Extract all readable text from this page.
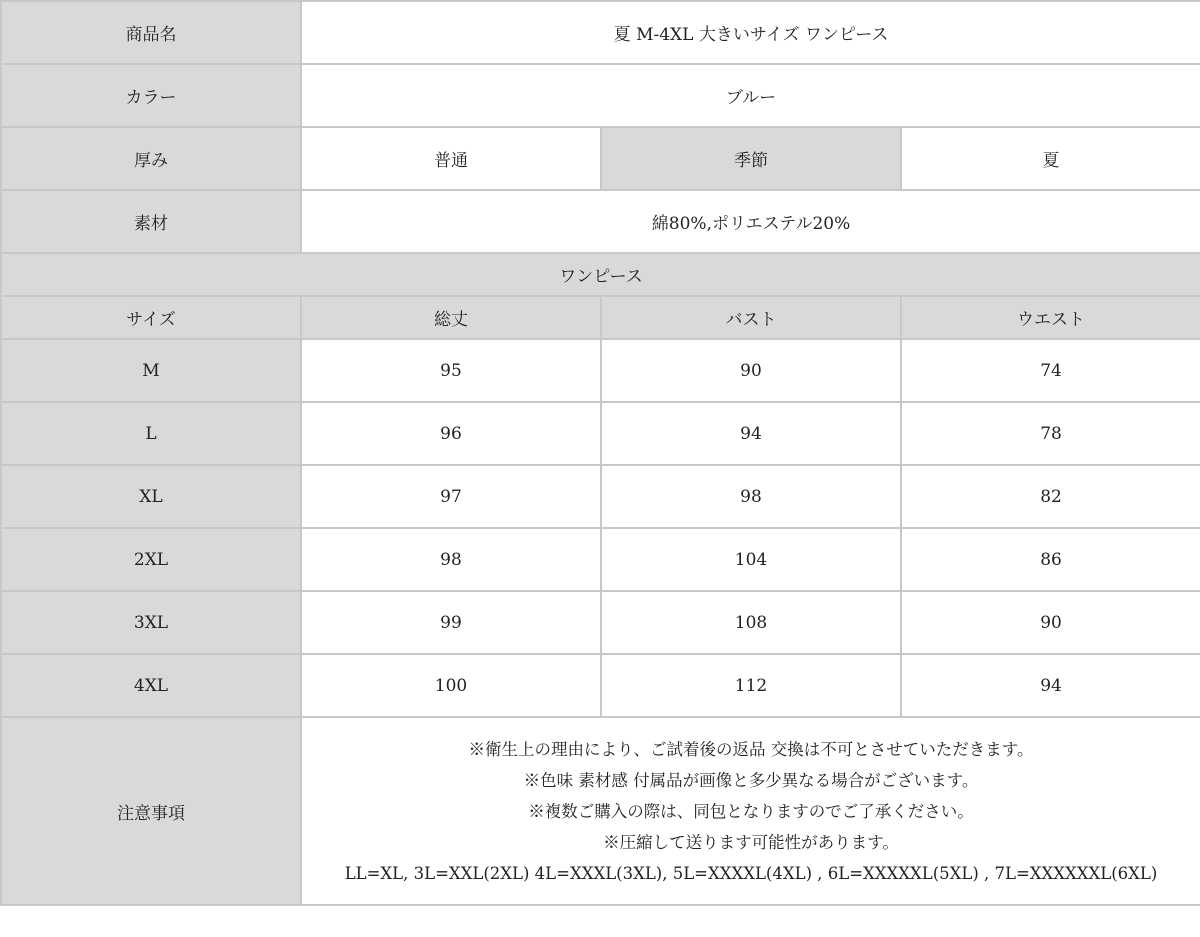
商品名	夏 M-4XL 大きいサイズ ワンピース		
カラー	ブルー		
厚み	普通	季節	夏
素材	綿80%,ポリエステル20%		
ワンピース			
サイズ	総丈	バスト	ウエスト
M	95	90	74
L	96	94	78
XL	97	98	82
2XL	98	104	86
3XL	99	108	90
4XL	100	112	94
注意事項	※衛生上の理由により、ご試着後の返品 交換は不可とさせていただきます。
※色味 素材感 付属品が画像と多少異なる場合がございます。
※複数ご購入の際は、同包となりますのでご了承ください。
※圧縮して送ります可能性があります。
LL=XL, 3L=XXL(2XL) 4L=XXXL(3XL), 5L=XXXXL(4XL) , 6L=XXXXXL(5XL) , 7L=XXXXXXL(6XL)		
